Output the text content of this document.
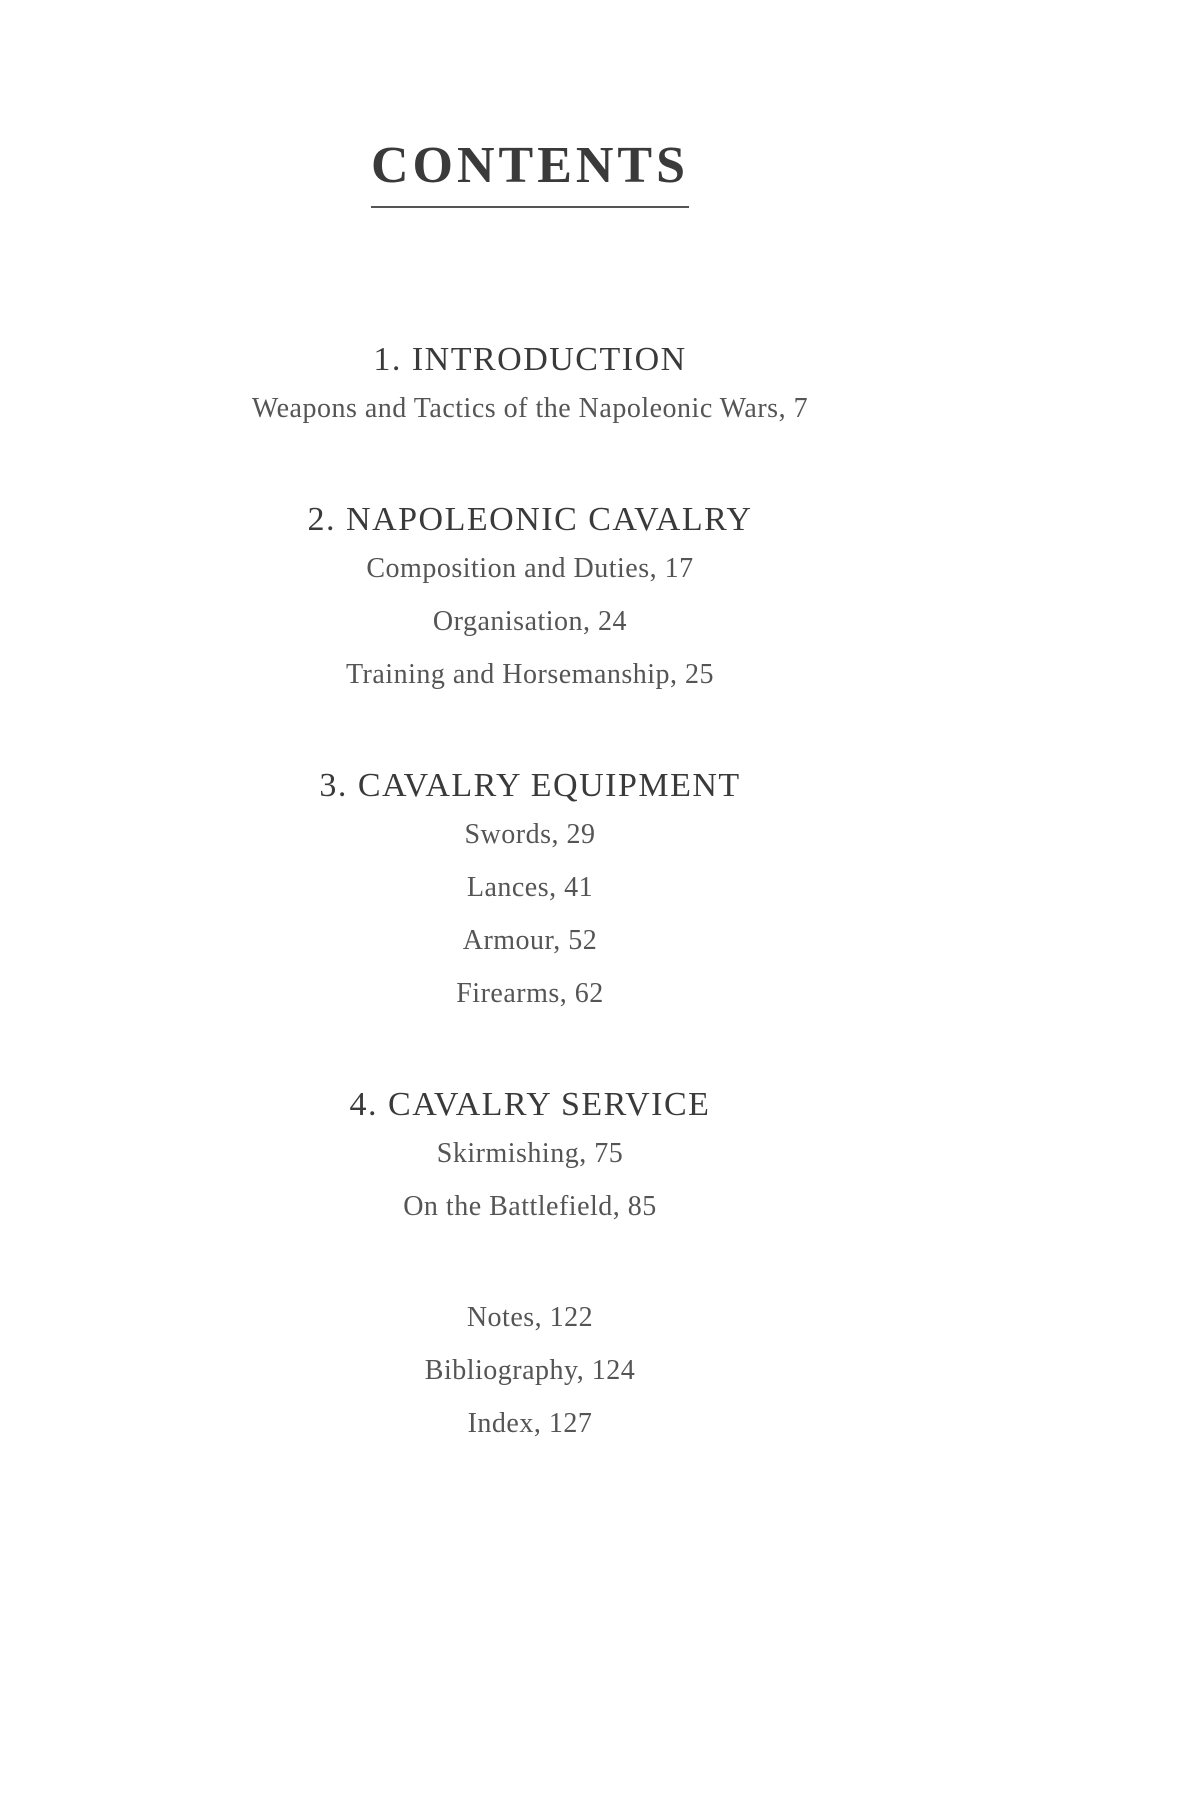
CONTENTS
1. INTRODUCTION
Weapons and Tactics of the Napoleonic Wars, 7
2. NAPOLEONIC CAVALRY
Composition and Duties, 17
Organisation, 24
Training and Horsemanship, 25
3. CAVALRY EQUIPMENT
Swords, 29
Lances, 41
Armour, 52
Firearms, 62
4. CAVALRY SERVICE
Skirmishing, 75
On the Battlefield, 85
Notes, 122
Bibliography, 124
Index, 127
